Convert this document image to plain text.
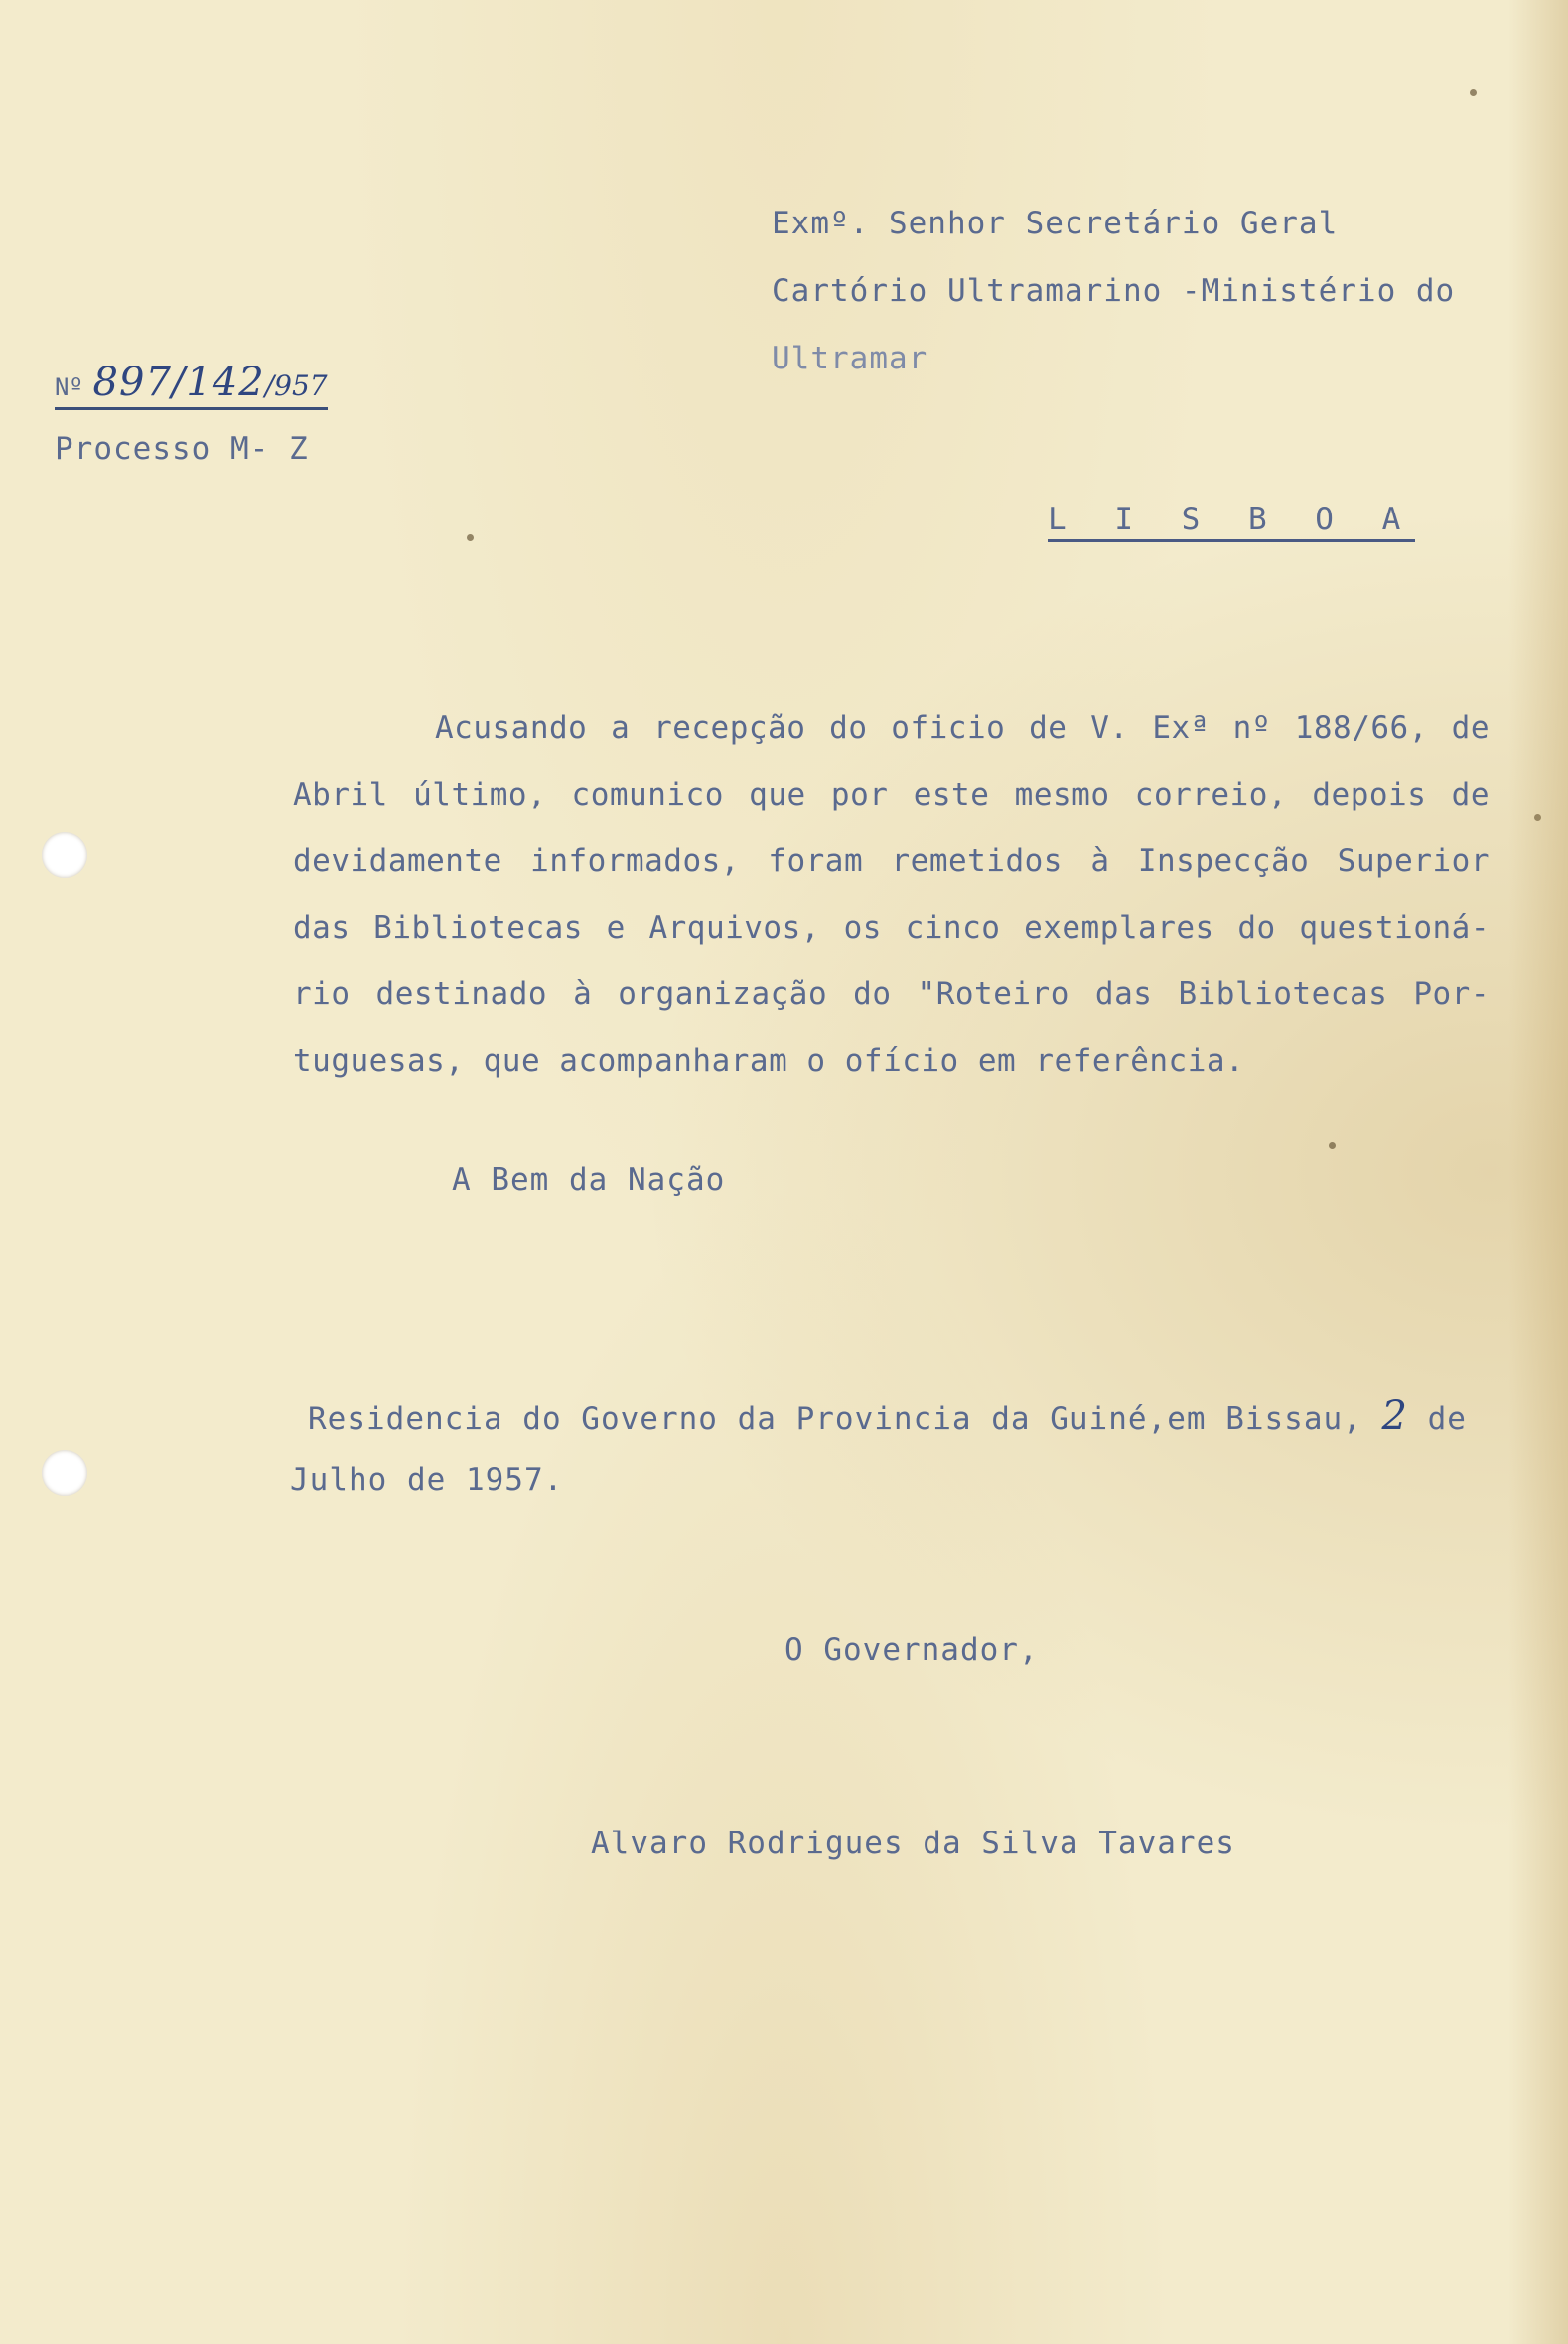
Exmº. Senhor Secretário Geral
Cartório Ultramarino -Ministério do
Ultramar
Nº 897/142/957
Processo M- Z
L I S B O A
Acusando a recepção do oficio de V. Exª nº 188/66, de
Abril último, comunico que por este mesmo correio, depois de
devidamente informados, foram remetidos à Inspecção Superior
das Bibliotecas e Arquivos, os cinco exemplares do questioná-
rio destinado à organização do "Roteiro das Bibliotecas Por-
tuguesas, que acompanharam o ofício em referência.
A Bem da Nação
Residencia do Governo da Provincia da Guiné,em Bissau, 2 de
Julho de 1957.
O Governador,
Alvaro Rodrigues da Silva Tavares
